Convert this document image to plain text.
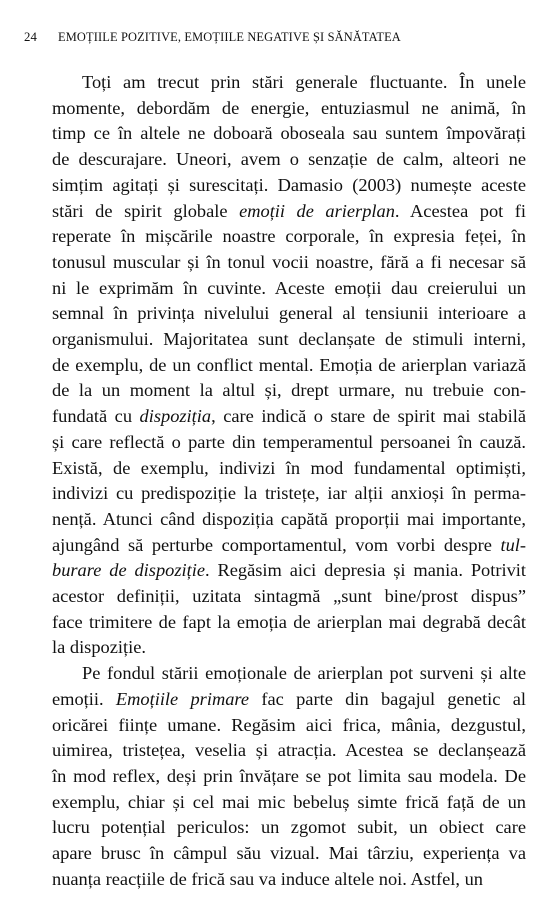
24 EMOȚIILE POZITIVE, EMOȚIILE NEGATIVE ȘI SĂNĂTATEA
Toți am trecut prin stări generale fluctuante. În unele
momente, debordăm de energie, entuziasmul ne animă, în
timp ce în altele ne doboară oboseala sau suntem împovărați
de descurajare. Uneori, avem o senzație de calm, alteori ne
simțim agitați și surescitați. Damasio (2003) numește aceste
stări de spirit globale emoții de arierplan. Acestea pot fi
reperate în mișcările noastre corporale, în expresia feței, în
tonusul muscular și în tonul vocii noastre, fără a fi necesar să
ni le exprimăm în cuvinte. Aceste emoții dau creierului un
semnal în privința nivelului general al tensiunii interioare a
organismului. Majoritatea sunt declanșate de stimuli interni,
de exemplu, de un conflict mental. Emoția de arierplan variază
de la un moment la altul și, drept urmare, nu trebuie con-
fundată cu dispoziția, care indică o stare de spirit mai stabilă
și care reflectă o parte din temperamentul persoanei în cauză.
Există, de exemplu, indivizi în mod fundamental optimiști,
indivizi cu predispoziție la tristețe, iar alții anxioși în perma-
nență. Atunci când dispoziția capătă proporții mai importante,
ajungând să perturbe comportamentul, vom vorbi despre tul-
burare de dispoziție. Regăsim aici depresia și mania. Potrivit
acestor definiții, uzitata sintagmă „sunt bine/prost dispus”
face trimitere de fapt la emoția de arierplan mai degrabă decât
la dispoziție.
Pe fondul stării emoționale de arierplan pot surveni și alte
emoții. Emoțiile primare fac parte din bagajul genetic al
oricărei ființe umane. Regăsim aici frica, mânia, dezgustul,
uimirea, tristețea, veselia și atracția. Acestea se declanșează
în mod reflex, deși prin învățare se pot limita sau modela. De
exemplu, chiar și cel mai mic bebeluș simte frică față de un
lucru potențial periculos: un zgomot subit, un obiect care
apare brusc în câmpul său vizual. Mai târziu, experiența va
nuanța reacțiile de frică sau va induce altele noi. Astfel, un
